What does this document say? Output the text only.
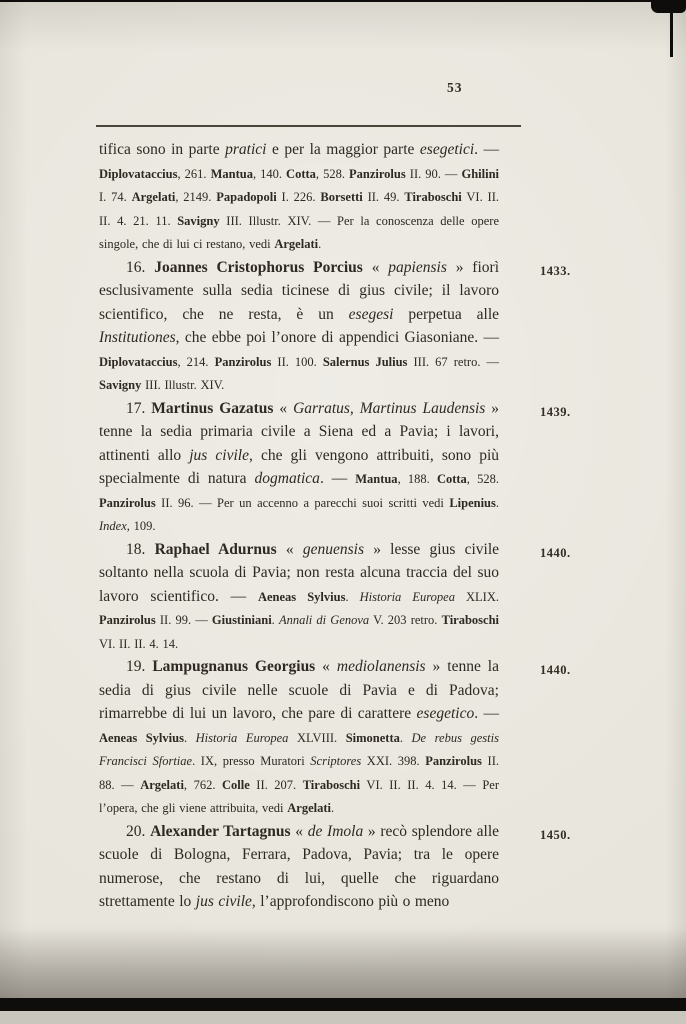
53

tifica sono in parte pratici e per la maggior parte esegetici. — Diplovataccius, 261. Mantua, 140. Cotta, 528. Panzirolus II. 90. — Ghilini I. 74. Argelati, 2149. Papadopoli I. 226. Borsetti II. 49. Tiraboschi VI. II. II. 4. 21. 11. Savigny III. Illustr. XIV. — Per la conoscenza delle opere singole, che di lui ci restano, vedi Argelati.

16. Joannes Cristophorus Porcius « papiensis » fiorì esclusivamente sulla sedia ticinese di gius civile; il lavoro scientifico, che ne resta, è un esegesi perpetua alle Institutiones, che ebbe poi l’onore di appendici Giasoniane. — Diplovataccius, 214. Panzirolus II. 100. Salernus Julius III. 67 retro. — Savigny III. Illustr. XIV.
1433.

17. Martinus Gazatus « Garratus, Martinus Laudensis » tenne la sedia primaria civile a Siena ed a Pavia; i lavori, attinenti allo jus civile, che gli vengono attribuiti, sono più specialmente di natura dogmatica. — Mantua, 188. Cotta, 528. Panzirolus II. 96. — Per un accenno a parecchi suoi scritti vedi Lipenius. Index, 109.
1439.

18. Raphael Adurnus « genuensis » lesse gius civile soltanto nella scuola di Pavia; non resta alcuna traccia del suo lavoro scientifico. — Aeneas Sylvius. Historia Europea XLIX. Panzirolus II. 99. — Giustiniani. Annali di Genova V. 203 retro. Tiraboschi VI. II. II. 4. 14.
1440.

19. Lampugnanus Georgius « mediolanensis » tenne la sedia di gius civile nelle scuole di Pavia e di Padova; rimarrebbe di lui un lavoro, che pare di carattere esegetico. — Aeneas Sylvius. Historia Europea XLVIII. Simonetta. De rebus gestis Francisci Sfortiae. IX, presso Muratori Scriptores XXI. 398. Panzirolus II. 88. — Argelati, 762. Colle II. 207. Tiraboschi VI. II. II. 4. 14. — Per l’opera, che gli viene attribuita, vedi Argelati.
1440.

20. Alexander Tartagnus « de Imola » recò splendore alle scuole di Bologna, Ferrara, Padova, Pavia; tra le opere numerose, che restano di lui, quelle che riguardano strettamente lo jus civile, l’approfondiscono più o meno
1450.
